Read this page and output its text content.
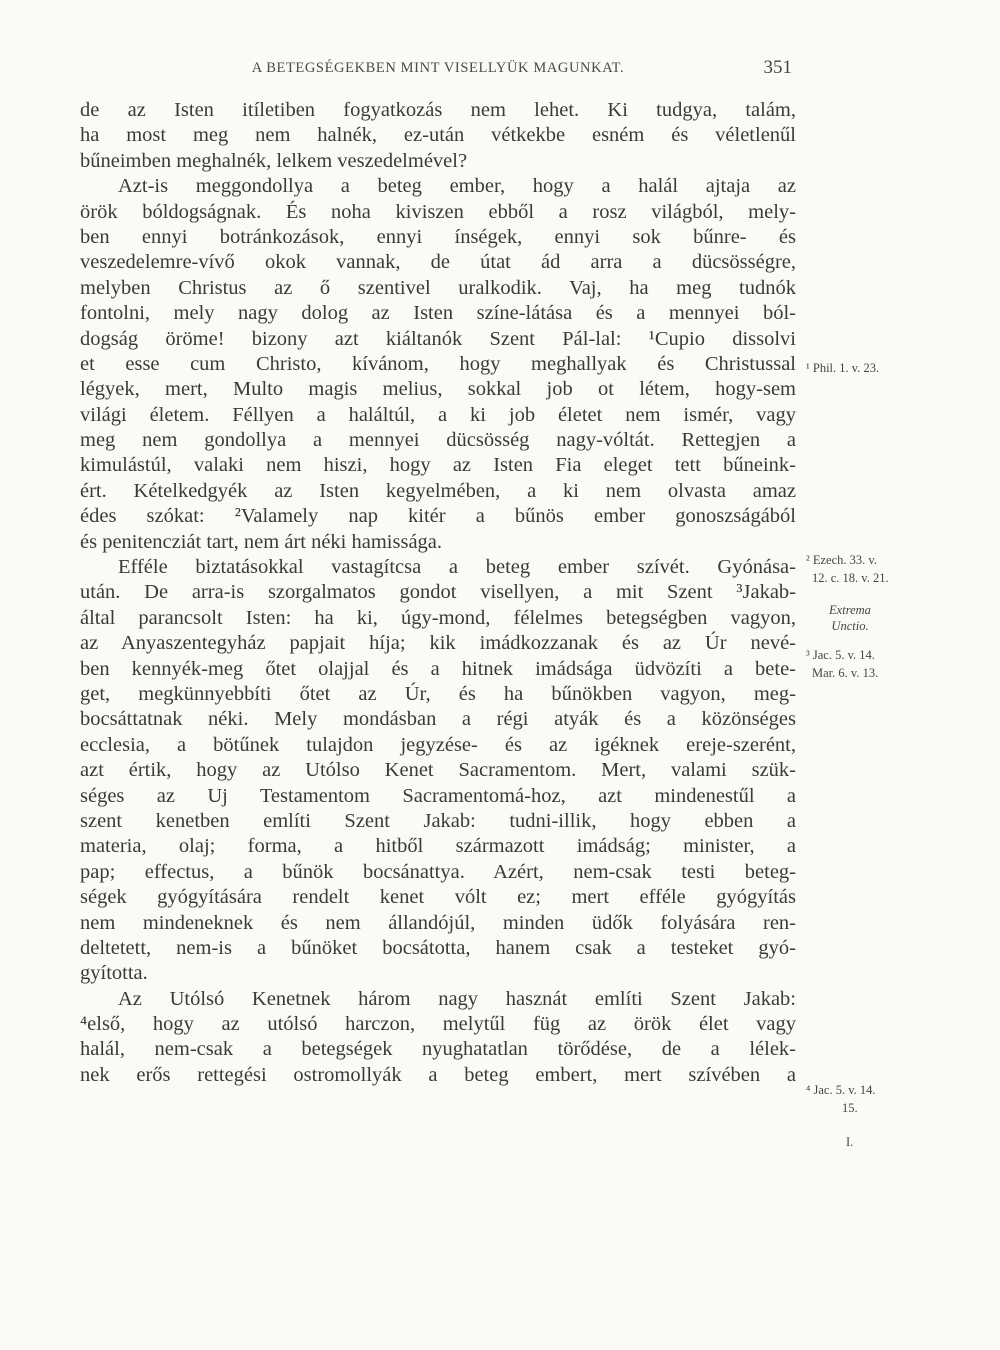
A BETEGSÉGEKBEN MINT VISELLYÜK MAGUNKAT.	351
de az Isten itíletiben fogyatkozás nem lehet. Ki tudgya, talám,
ha most meg nem halnék, ez-után vétkekbe esném és véletlenűl
bűneimben meghalnék, lelkem veszedelmével?
Azt-is meggondollya a beteg ember, hogy a halál ajtaja az
örök bóldogságnak. És noha kiviszen ebből a rosz világból, mely-
ben ennyi botránkozások, ennyi ínségek, ennyi sok bűnre- és
veszedelemre-vívő okok vannak, de útat ád arra a dücsösségre,
melyben Christus az ő szentivel uralkodik. Vaj, ha meg tudnók
fontolni, mely nagy dolog az Isten színe-látása és a mennyei ból-
dogság öröme! bizony azt kiáltanók Szent Pál-lal: ¹Cupio dissolvi
et esse cum Christo, kívánom, hogy meghallyak és Christussal
légyek, mert, Multo magis melius, sokkal job ot létem, hogy-sem
világi életem. Féllyen a haláltúl, a ki job életet nem ismér, vagy
meg nem gondollya a mennyei dücsösség nagy-vóltát. Rettegjen a
kimulástúl, valaki nem hiszi, hogy az Isten Fia eleget tett bűneink-
ért. Kételkedgyék az Isten kegyelmében, a ki nem olvasta amaz
édes szókat: ²Valamely nap kitér a bűnös ember gonoszságából
és penitencziát tart, nem árt néki hamissága.
Efféle biztatásokkal vastagítcsa a beteg ember szívét. Gyónása-
után. De arra-is szorgalmatos gondot visellyen, a mit Szent ³Jakab-
által parancsolt Isten: ha ki, úgy-mond, félelmes betegségben vagyon,
az Anyaszentegyház papjait híja; kik imádkozzanak és az Úr nevé-
ben kennyék-meg őtet olajjal és a hitnek imádsága üdvözíti a bete-
get, megkünnyebbíti őtet az Úr, és ha bűnökben vagyon, meg-
bocsáttatnak néki. Mely mondásban a régi atyák és a közönséges
ecclesia, a bötűnek tulajdon jegyzése- és az igéknek ereje-szerént,
azt értik, hogy az Utólso Kenet Sacramentom. Mert, valami szük-
séges az Uj Testamentom Sacramentomá-hoz, azt mindenestűl a
szent kenetben említi Szent Jakab: tudni-illik, hogy ebben a
materia, olaj; forma, a hitből származott imádság; minister, a
pap; effectus, a bűnök bocsánattya. Azért, nem-csak testi beteg-
ségek gyógyítására rendelt kenet vólt ez; mert efféle gyógyítás
nem mindeneknek és nem állandójúl, minden üdők folyására ren-
deltetett, nem-is a bűnöket bocsátotta, hanem csak a testeket gyó-
gyította.
Az Utólsó Kenetnek három nagy hasznát említi Szent Jakab:
⁴első, hogy az utólsó harczon, melytűl füg az örök élet vagy
halál, nem-csak a betegségek nyughatatlan törődése, de a lélek-
nek erős rettegési ostromollyák a beteg embert, mert szívében a
¹ Phil. 1. v. 23.
² Ezech. 33. v.
12. c. 18. v. 21.
Extrema
Unctio.
³ Jac. 5. v. 14.
Mar. 6. v. 13.
⁴ Jac. 5. v. 14.
15.
I.
